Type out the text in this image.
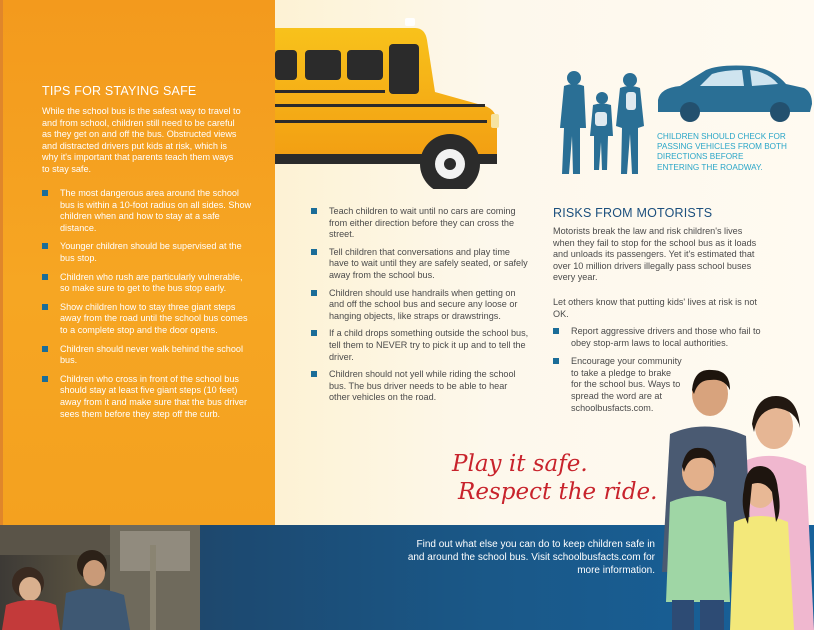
TIPS FOR STAYING SAFE

While the school bus is the safest way to travel to and from school, children still need to be careful as they get on and off the bus. Obstructed views and distracted drivers put kids at risk, which is why it's important that parents teach them ways to stay safe.

The most dangerous area around the school bus is within a 10-foot radius on all sides. Show children when and how to stay at a safe distance.
Younger children should be supervised at the bus stop.
Children who rush are particularly vulnerable, so make sure to get to the bus stop early.
Show children how to stay three giant steps away from the road until the school bus comes to a complete stop and the door opens.
Children should never walk behind the school bus.
Children who cross in front of the school bus should stay at least five giant steps (10 feet) away from it and make sure that the bus driver sees them before they step off the curb.
Teach children to wait until no cars are coming from either direction before they can cross the street.
Tell children that conversations and play time have to wait until they are safely seated, or safely away from the school bus.
Children should use handrails when getting on and off the school bus and secure any loose or hanging objects, like straps or drawstrings.
If a child drops something outside the school bus, tell them to NEVER try to pick it up and to tell the driver.
Children should not yell while riding the school bus. The bus driver needs to be able to hear other vehicles on the road.
CHILDREN SHOULD CHECK FOR PASSING VEHICLES FROM BOTH DIRECTIONS BEFORE ENTERING THE ROADWAY.
RISKS FROM MOTORISTS

Motorists break the law and risk children's lives when they fail to stop for the school bus as it loads and unloads its passengers. Yet it's estimated that over 10 million drivers illegally pass school buses every year.

Let others know that putting kids' lives at risk is not OK.

Report aggressive drivers and those who fail to obey stop-arm laws to local authorities.
Encourage your community to take a pledge to brake for the school bus. Ways to spread the word are at schoolbusfacts.com.
Play it safe.
Respect the ride.
Find out what else you can do to keep children safe in and around the school bus. Visit schoolbusfacts.com for more information.
